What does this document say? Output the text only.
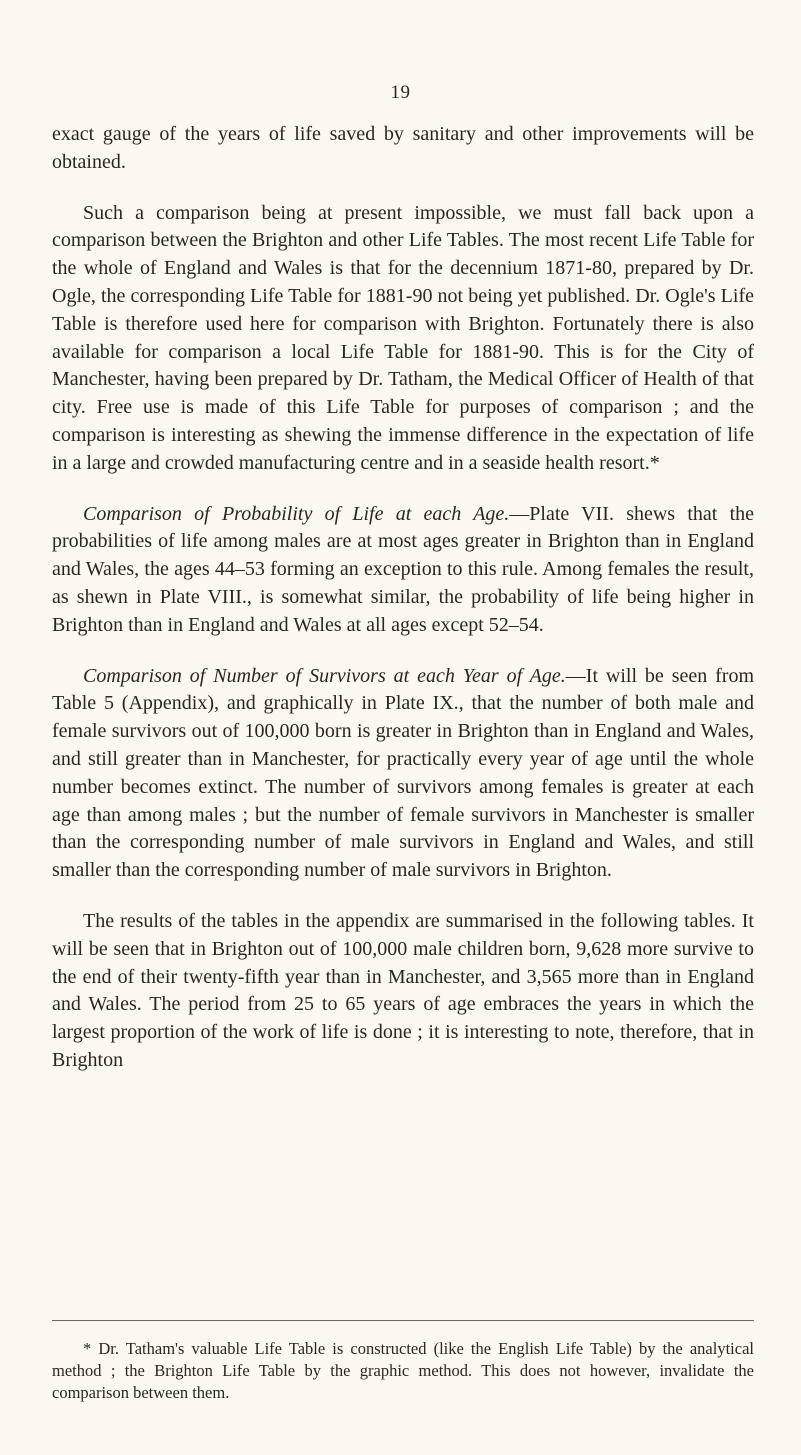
19

exact gauge of the years of life saved by sanitary and other improvements will be obtained.

Such a comparison being at present impossible, we must fall back upon a comparison between the Brighton and other Life Tables. The most recent Life Table for the whole of England and Wales is that for the decennium 1871-80, prepared by Dr. Ogle, the corresponding Life Table for 1881-90 not being yet published. Dr. Ogle's Life Table is therefore used here for comparison with Brighton. Fortunately there is also available for comparison a local Life Table for 1881-90. This is for the City of Manchester, having been prepared by Dr. Tatham, the Medical Officer of Health of that city. Free use is made of this Life Table for purposes of comparison ; and the comparison is interesting as shewing the immense difference in the expectation of life in a large and crowded manufacturing centre and in a seaside health resort.*

Comparison of Probability of Life at each Age.—Plate VII. shews that the probabilities of life among males are at most ages greater in Brighton than in England and Wales, the ages 44–53 forming an exception to this rule. Among females the result, as shewn in Plate VIII., is somewhat similar, the probability of life being higher in Brighton than in England and Wales at all ages except 52–54.

Comparison of Number of Survivors at each Year of Age.—It will be seen from Table 5 (Appendix), and graphically in Plate IX., that the number of both male and female survivors out of 100,000 born is greater in Brighton than in England and Wales, and still greater than in Manchester, for practically every year of age until the whole number becomes extinct. The number of survivors among females is greater at each age than among males ; but the number of female survivors in Manchester is smaller than the corresponding number of male survivors in England and Wales, and still smaller than the corresponding number of male survivors in Brighton.

The results of the tables in the appendix are summarised in the following tables. It will be seen that in Brighton out of 100,000 male children born, 9,628 more survive to the end of their twenty-fifth year than in Manchester, and 3,565 more than in England and Wales. The period from 25 to 65 years of age embraces the years in which the largest proportion of the work of life is done ; it is interesting to note, therefore, that in Brighton

* Dr. Tatham's valuable Life Table is constructed (like the English Life Table) by the analytical method ; the Brighton Life Table by the graphic method. This does not however, invalidate the comparison between them.
